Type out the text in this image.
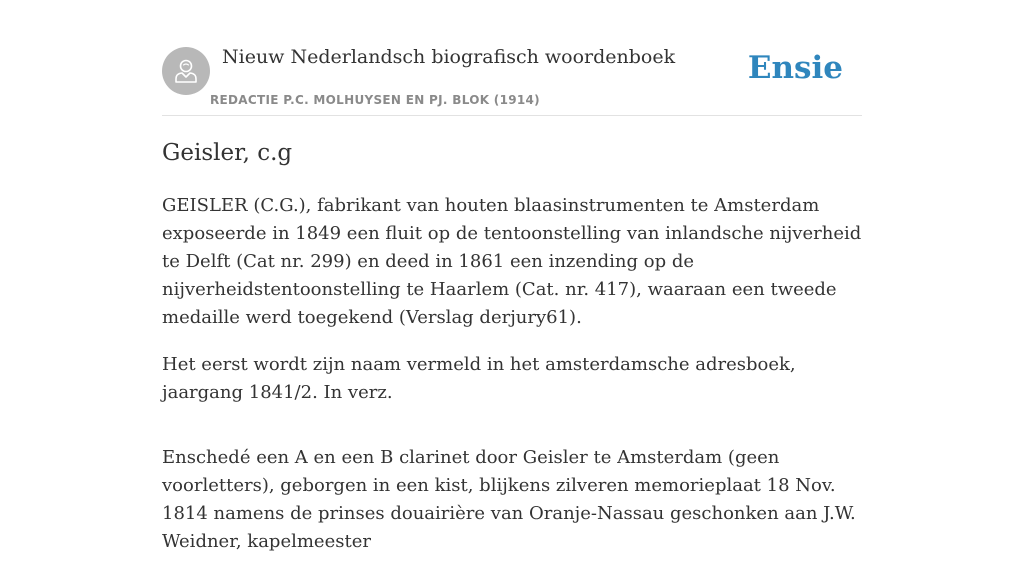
Nieuw Nederlandsch biografisch woordenboek
REDACTIE P.C. MOLHUYSEN EN PJ. BLOK (1914)
Ensie
Geisler, c.g

GEISLER (C.G.), fabrikant van houten blaasinstrumenten te Amsterdam exposeerde in 1849 een fluit op de tentoonstelling van inlandsche nijverheid te Delft (Cat nr. 299) en deed in 1861 een inzending op de nijverheidstentoonstelling te Haarlem (Cat. nr. 417), waaraan een tweede medaille werd toegekend (Verslag derjury61).

Het eerst wordt zijn naam vermeld in het amsterdamsche adresboek, jaargang 1841/2. In verz.

Enschedé een A en een B clarinet door Geisler te Amsterdam (geen voorletters), geborgen in een kist, blijkens zilveren memorieplaat 18 Nov. 1814 namens de prinses douairière van Oranje-Nassau geschonken aan J.W. Weidner, kapelmeester
